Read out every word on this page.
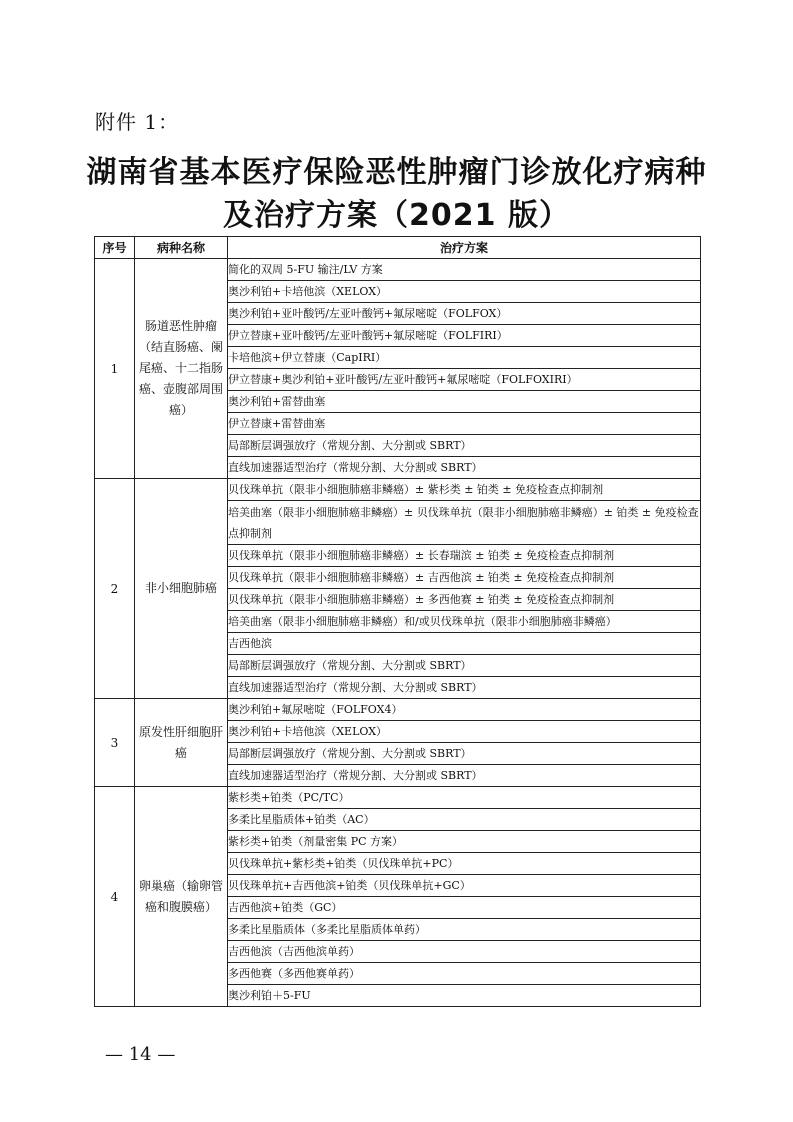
附件 1：
湖南省基本医疗保险恶性肿瘤门诊放化疗病种
及治疗方案（2021 版）
序号	病种名称	治疗方案
1	肠道恶性肿瘤（结直肠癌、阑尾癌、十二指肠癌、壶腹部周围癌）	简化的双周 5-FU 输注/LV 方案
		奥沙利铂+卡培他滨（XELOX）
		奥沙利铂+亚叶酸钙/左亚叶酸钙+氟尿嘧啶（FOLFOX）
		伊立替康+亚叶酸钙/左亚叶酸钙+氟尿嘧啶（FOLFIRI）
		卡培他滨+伊立替康（CapIRI）
		伊立替康+奥沙利铂+亚叶酸钙/左亚叶酸钙+氟尿嘧啶（FOLFOXIRI）
		奥沙利铂+雷替曲塞
		伊立替康+雷替曲塞
		局部断层调强放疗（常规分割、大分割或 SBRT）
		直线加速器适型治疗（常规分割、大分割或 SBRT）
2	非小细胞肺癌	贝伐珠单抗（限非小细胞肺癌非鳞癌）± 紫杉类 ± 铂类 ± 免疫检查点抑制剂
		培美曲塞（限非小细胞肺癌非鳞癌）± 贝伐珠单抗（限非小细胞肺癌非鳞癌）± 铂类 ± 免疫检查点抑制剂
		贝伐珠单抗（限非小细胞肺癌非鳞癌）± 长春瑞滨 ± 铂类 ± 免疫检查点抑制剂
		贝伐珠单抗（限非小细胞肺癌非鳞癌）± 吉西他滨 ± 铂类 ± 免疫检查点抑制剂
		贝伐珠单抗（限非小细胞肺癌非鳞癌）± 多西他赛 ± 铂类 ± 免疫检查点抑制剂
		培美曲塞（限非小细胞肺癌非鳞癌）和/或贝伐珠单抗（限非小细胞肺癌非鳞癌）
		吉西他滨
		局部断层调强放疗（常规分割、大分割或 SBRT）
		直线加速器适型治疗（常规分割、大分割或 SBRT）
3	原发性肝细胞肝癌	奥沙利铂+氟尿嘧啶（FOLFOX4）
		奥沙利铂+卡培他滨（XELOX）
		局部断层调强放疗（常规分割、大分割或 SBRT）
		直线加速器适型治疗（常规分割、大分割或 SBRT）
4	卵巢癌（输卵管癌和腹膜癌）	紫杉类+铂类（PC/TC）
		多柔比星脂质体+铂类（AC）
		紫杉类+铂类（剂量密集 PC 方案）
		贝伐珠单抗+紫杉类+铂类（贝伐珠单抗+PC）
		贝伐珠单抗+吉西他滨+铂类（贝伐珠单抗+GC）
		吉西他滨+铂类（GC）
		多柔比星脂质体（多柔比星脂质体单药）
		吉西他滨（吉西他滨单药）
		多西他赛（多西他赛单药）
		奥沙利铂＋5-FU
— 14 —
